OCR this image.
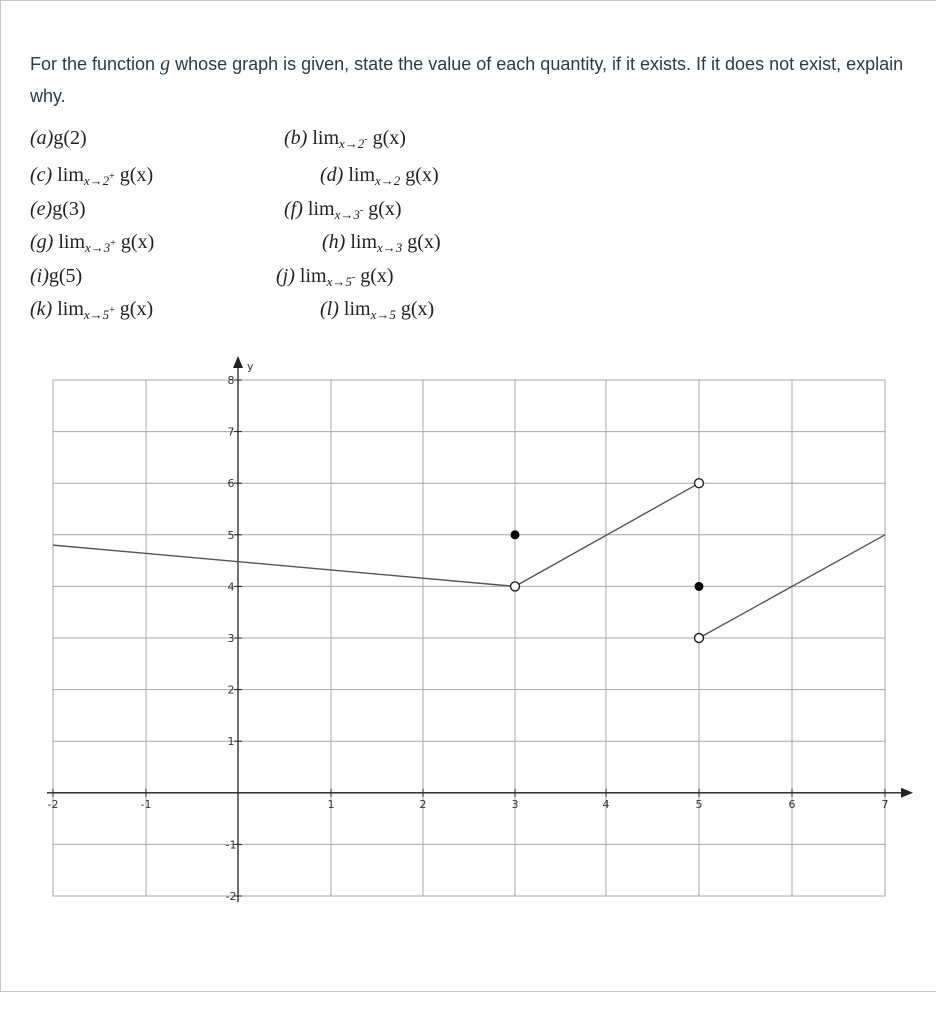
For the function g whose graph is given, state the value of each quantity, if it exists. If it does not exist, explain why.
(a)g(2)	(b) $\lim_{x\to 2^-} g(x)$
(c) $\lim_{x\to 2^+} g(x)$	(d) $\lim_{x\to 2} g(x)$
(e)g(3)	(f) $\lim_{x\to 3^-} g(x)$
(g) $\lim_{x\to 3^+} g(x)$	(h) $\lim_{x\to 3} g(x)$
(i)g(5)	(j) $\lim_{x\to 5^-} g(x)$
(k) $\lim_{x\to 5^+} g(x)$	(l) $\lim_{x\to 5} g(x)$
-2	-1	1	2	3	4	5	6	7
8
7
6
5
4
3
2
1
-1
-2
y
